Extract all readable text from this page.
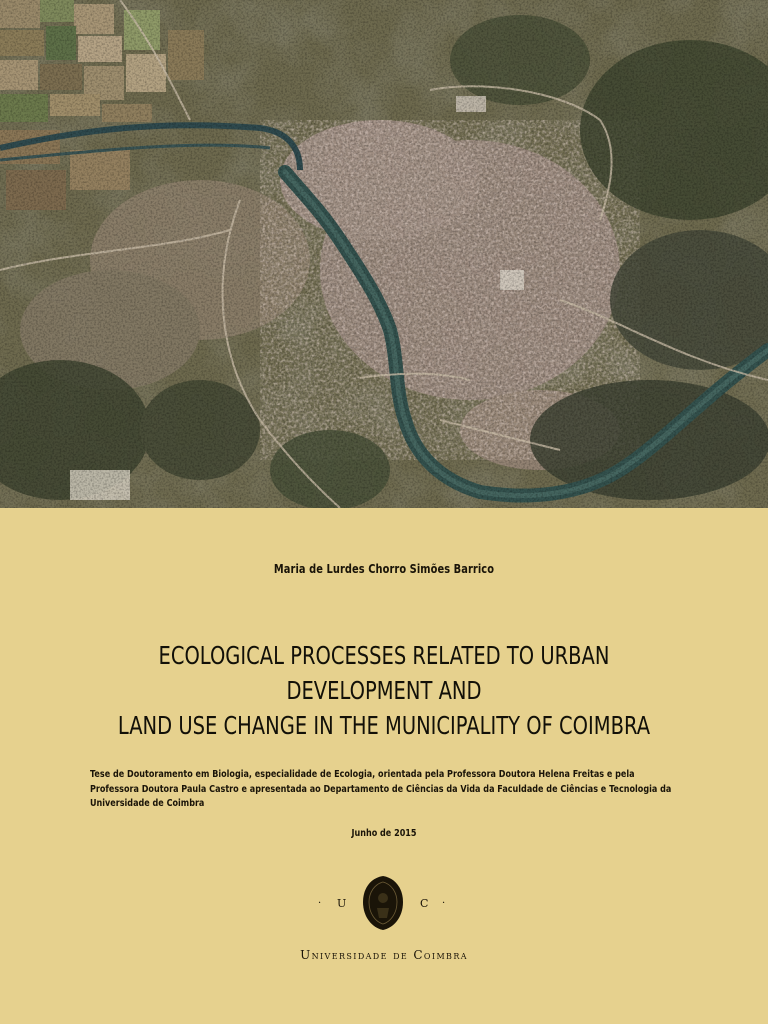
Maria de Lurdes Chorro Simões Barrico
ECOLOGICAL PROCESSES RELATED TO URBAN DEVELOPMENT AND
LAND USE CHANGE IN THE MUNICIPALITY OF COIMBRA
Tese de Doutoramento em Biologia, especialidade de Ecologia, orientada pela Professora Doutora Helena Freitas e pela
Professora Doutora Paula Castro e apresentada ao Departamento de Ciências da Vida da Faculdade de Ciências e Tecnologia da
Universidade de Coimbra
Junho de 2015
· U	C ·
Universidade de Coimbra
